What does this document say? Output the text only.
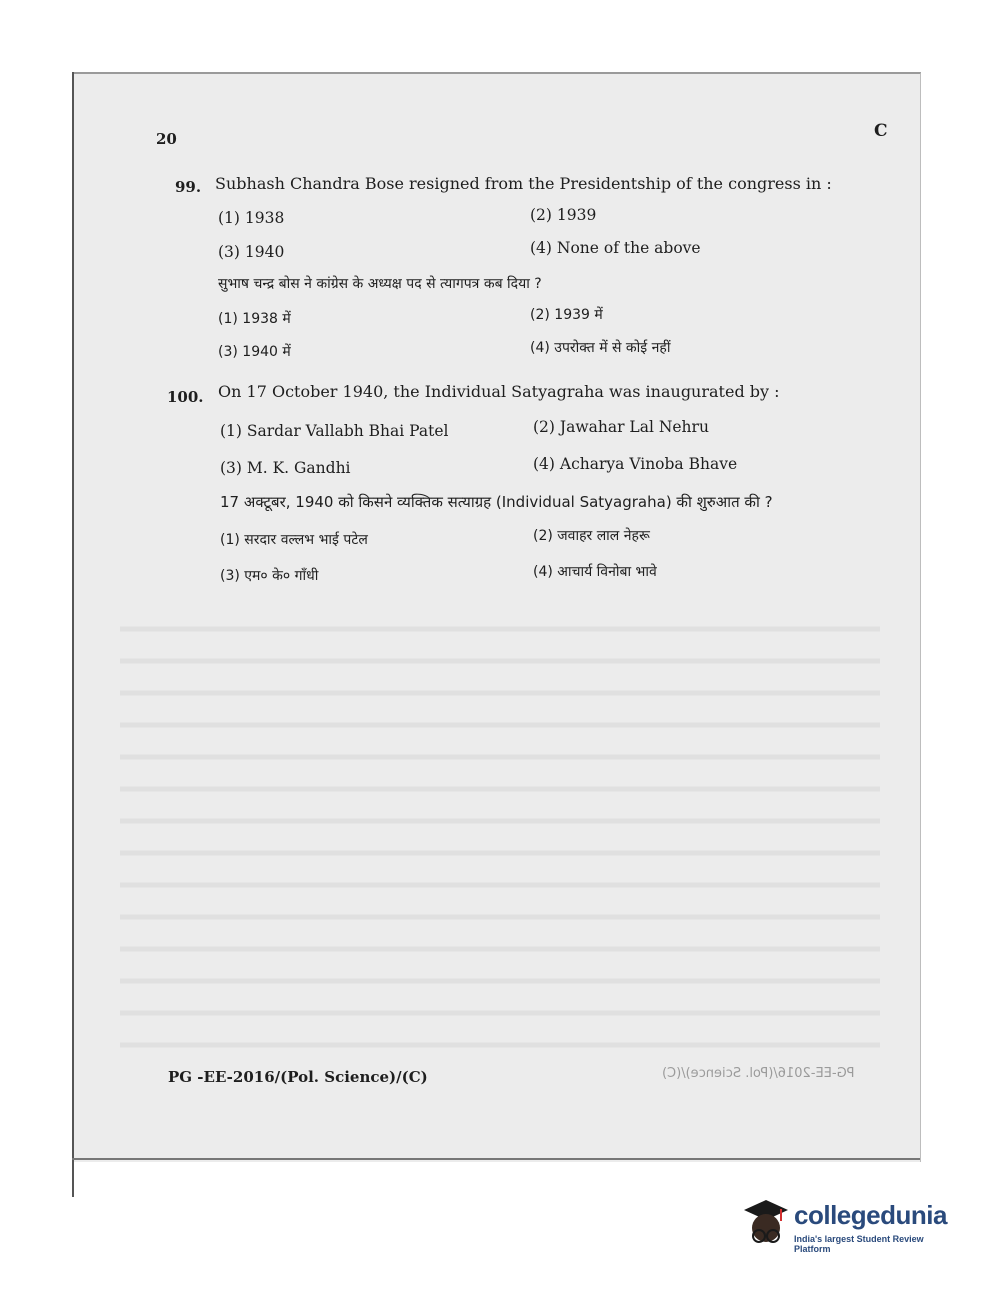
20	C
99. Subhash Chandra Bose resigned from the Presidentship of the congress in :
(1) 1938	(2) 1939
(3) 1940	(4) None of the above
सुभाष चन्द्र बोस ने कांग्रेस के अध्यक्ष पद से त्यागपत्र कब दिया ?
(1) 1938 में	(2) 1939 में
(3) 1940 में	(4) उपरोक्त में से कोई नहीं
100. On 17 October 1940, the Individual Satyagraha was inaugurated by :
(1) Sardar Vallabh Bhai Patel	(2) Jawahar Lal Nehru
(3) M. K. Gandhi	(4) Acharya Vinoba Bhave
17 अक्टूबर, 1940 को किसने व्यक्तिक सत्याग्रह (Individual Satyagraha) की शुरुआत की ?
(1) सरदार वल्लभ भाई पटेल	(2) जवाहर लाल नेहरू
(3) एम० के० गाँधी	(4) आचार्य विनोबा भावे
PG -EE-2016/(Pol. Science)/(C)	PG-EE-2016/(Pol. Science)/(C)
collegedunia
India's largest Student Review Platform
